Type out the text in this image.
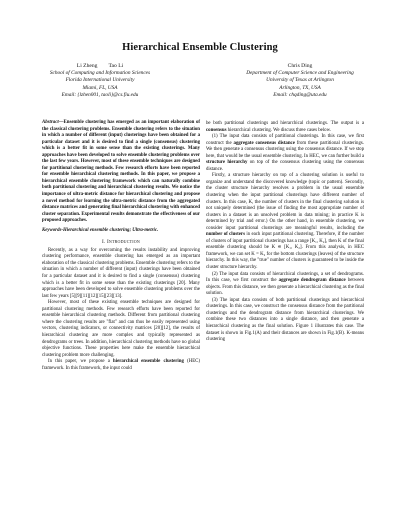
Hierarchical Ensemble Clustering
Li Zheng        Tao Li
School of Computing and Information Sciences
Florida International University
Miami, FL, USA
Email: {lzhen001, taoli}@cs.fiu.edu
Chris Ding
Department of Computer Science and Engineering
University of Texas at Arlington
Arlington, TX, USA
Email: chqding@uta.edu

Abstract—Ensemble clustering has emerged as an important elaboration of the classical clustering problems. Ensemble clustering refers to the situation in which a number of different (input) clusterings have been obtained for a particular dataset and it is desired to find a single (consensus) clustering which is a better fit in some sense than the existing clusterings. Many approaches have been developed to solve ensemble clustering problems over the last few years. However, most of these ensemble techniques are designed for partitional clustering methods. Few research efforts have been reported for ensemble hierarchical clustering methods. In this paper, we propose a hierarchical ensemble clustering framework which can naturally combine both partitional clustering and hierarchical clustering results. We notice the importance of ultra-metric distance for hierarchical clustering and propose a novel method for learning the ultra-metric distance from the aggregated distance matrices and generating final hierarchical clustering with enhanced cluster separation. Experimental results demonstrate the effectiveness of our proposed approaches.

Keywords-Hierarchical ensemble clustering; Ultra-metric.

I. Introduction

Recently, as a way for overcoming the results instability and improving clustering performance, ensemble clustering has emerged as an important elaboration of the classical clustering problems. Ensemble clustering refers to the situation in which a number of different (input) clusterings have been obtained for a particular dataset and it is desired to find a single (consensus) clustering which is a better fit in some sense than the existing clusterings [20]. Many approaches have been developed to solve ensemble clustering problems over the last few years [5][9][11][12][15][23][13].

However, most of these existing ensemble techniques are designed for partitional clustering methods. Few research efforts have been reported for ensemble hierarchical clustering methods. Different from partitional clustering where the clustering results are "flat" and can thus be easily represented using vectors, clustering indicators, or connectivity matrices [20][12], the results of hierarchical clustering are more complex and typically represented as dendrograms or trees. In addition, hierarchical clustering methods have no global objective functions. These properties here make the ensemble hierarchical clustering problem more challenging.

In this paper, we propose a hierarchical ensemble clustering (HEC) framework. In this framework, the input could

be both partitional clusterings and hierarchical clusterings. The output is a consensus hierarchical clustering. We discuss three cases below.

(1) The input data consists of partitional clusterings. In this case, we first construct the aggregate consensus distance from these partitional clusterings. We then generate a consensus clustering using the consensus distance. If we stop here, that would be the usual ensemble clustering. In HEC, we can further build a structure hierarchy on top of the consensus clustering using the consensus distance.

Firstly, a structure hierarchy on top of a clustering solution is useful to organize and understand the discovered knowledge (topic or pattern). Secondly, the cluster structure hierarchy resolves a problem in the usual ensemble clustering when the input partitional clusterings have different number of clusters. In this case, K, the number of clusters in the final clustering solution is not uniquely determined (the issue of finding the most appropriate number of clusters in a dataset is an unsolved problem in data mining; in practice K is determined by trial and error.) On the other hand, in ensemble clustering, we consider input partitional clusterings are meaningful results, including the number of clusters in each input partitional clustering. Therefore, if the number of clusters of input partitional clusterings has a range [K₁, K₂], then K of the final ensemble clustering should be K ∈ [K₁, K₂]. From this analysis, in HEC framework, we can set K = K₂ for the bottom clusterings (leaves) of the structure hierarchy. In this way, the "true" number of clusters is guaranteed to be inside the cluster structure hierarchy.

(2) The input data consists of hierarchical clusterings, a set of dendrograms. In this case, we first construct the aggregate dendrogram distance between objects. From this distance, we then generate a hierarchical clustering as the final solution.

(3) The input data consists of both partitional clusterings and hierarchical clusterings. In this case, we construct the consensus distance from the partitional clusterings and the dendrogram distance from hierarchical clusterings. We combine these two distances into a single distance, and then generate a hierarchical clustering as the final solution. Figure 1 illustrates this case. The dataset is shown in Fig.1(A) and their distances are shown in Fig.1(B). K-means clustering
